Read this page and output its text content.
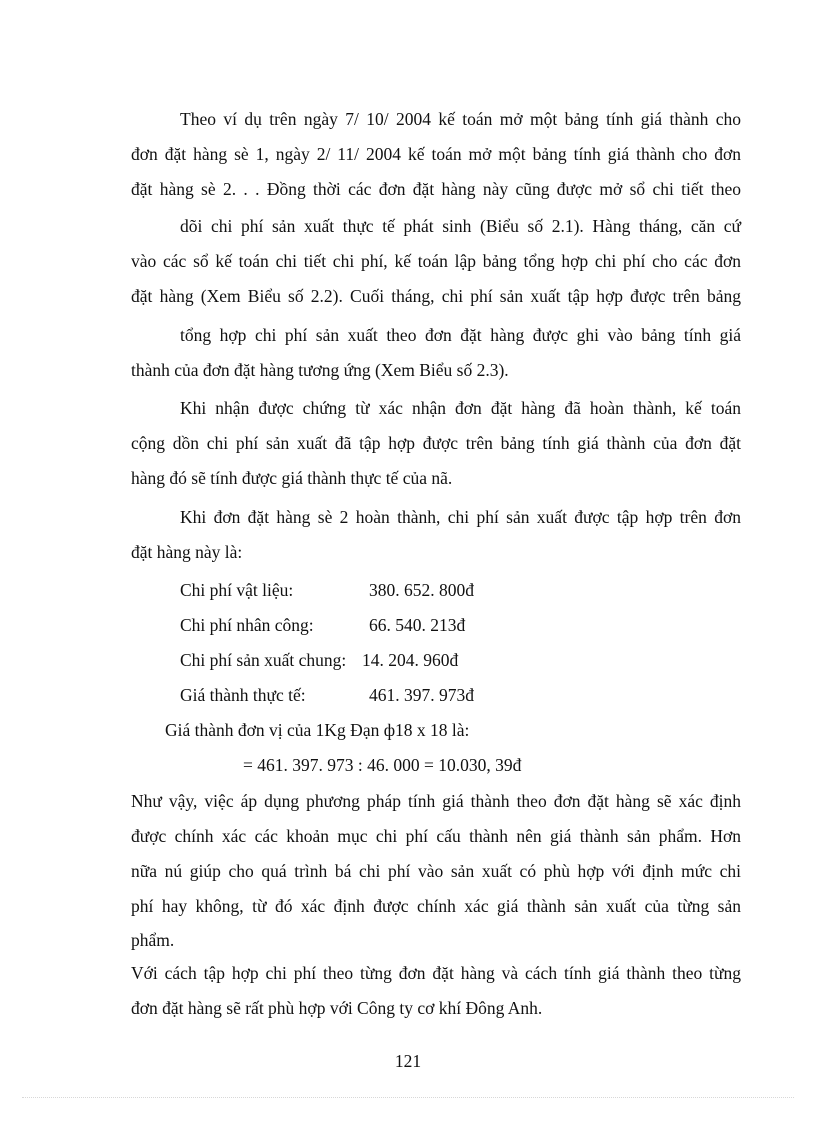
Theo ví dụ trên ngày 7/ 10/ 2004 kế toán mở một bảng tính giá thành cho
đơn đặt hàng sè 1, ngày 2/ 11/ 2004 kế toán mở một bảng tính giá thành cho đơn
đặt hàng sè 2. . . Đồng thời các đơn đặt hàng này cũng được mở sổ chi tiết theo
dõi chi phí sản xuất thực tế phát sinh (Biểu số 2.1). Hàng tháng, căn cứ
vào các sổ kế toán chi tiết chi phí, kế toán lập bảng tổng hợp chi phí cho các đơn
đặt hàng (Xem Biểu số 2.2). Cuối tháng, chi phí sản xuất tập hợp được trên bảng
tổng hợp chi phí sản xuất theo đơn đặt hàng được ghi vào bảng tính giá
thành của đơn đặt hàng tương ứng (Xem Biểu số 2.3).
Khi nhận được chứng từ xác nhận đơn đặt hàng đã hoàn thành, kế toán
cộng dồn chi phí sản xuất đã tập hợp được trên bảng tính giá thành của đơn đặt
hàng đó sẽ tính được giá thành thực tế của nã.
Khi đơn đặt hàng sè 2 hoàn thành, chi phí sản xuất được tập hợp trên đơn
đặt hàng này là:
Chi phí vật liệu:	380. 652. 800đ
Chi phí nhân công:	66. 540. 213đ
Chi phí sản xuất chung: 14. 204. 960đ
Giá thành thực tế:	461. 397. 973đ
Giá thành đơn vị của 1Kg Đạn ф18 x 18 là:
= 461. 397. 973 : 46. 000 = 10.030, 39đ
Như vậy, việc áp dụng phương pháp tính giá thành theo đơn đặt hàng sẽ xác định
được chính xác các khoản mục chi phí cấu thành nên giá thành sản phẩm. Hơn
nữa nú giúp cho quá trình bá chi phí vào sản xuất có phù hợp với định mức chi
phí hay không, từ đó xác định được chính xác giá thành sản xuất của từng sản
phẩm.
Với cách tập hợp chi phí theo từng đơn đặt hàng và cách tính giá thành theo từng
đơn đặt hàng sẽ rất phù hợp với Công ty cơ khí Đông Anh.
121
